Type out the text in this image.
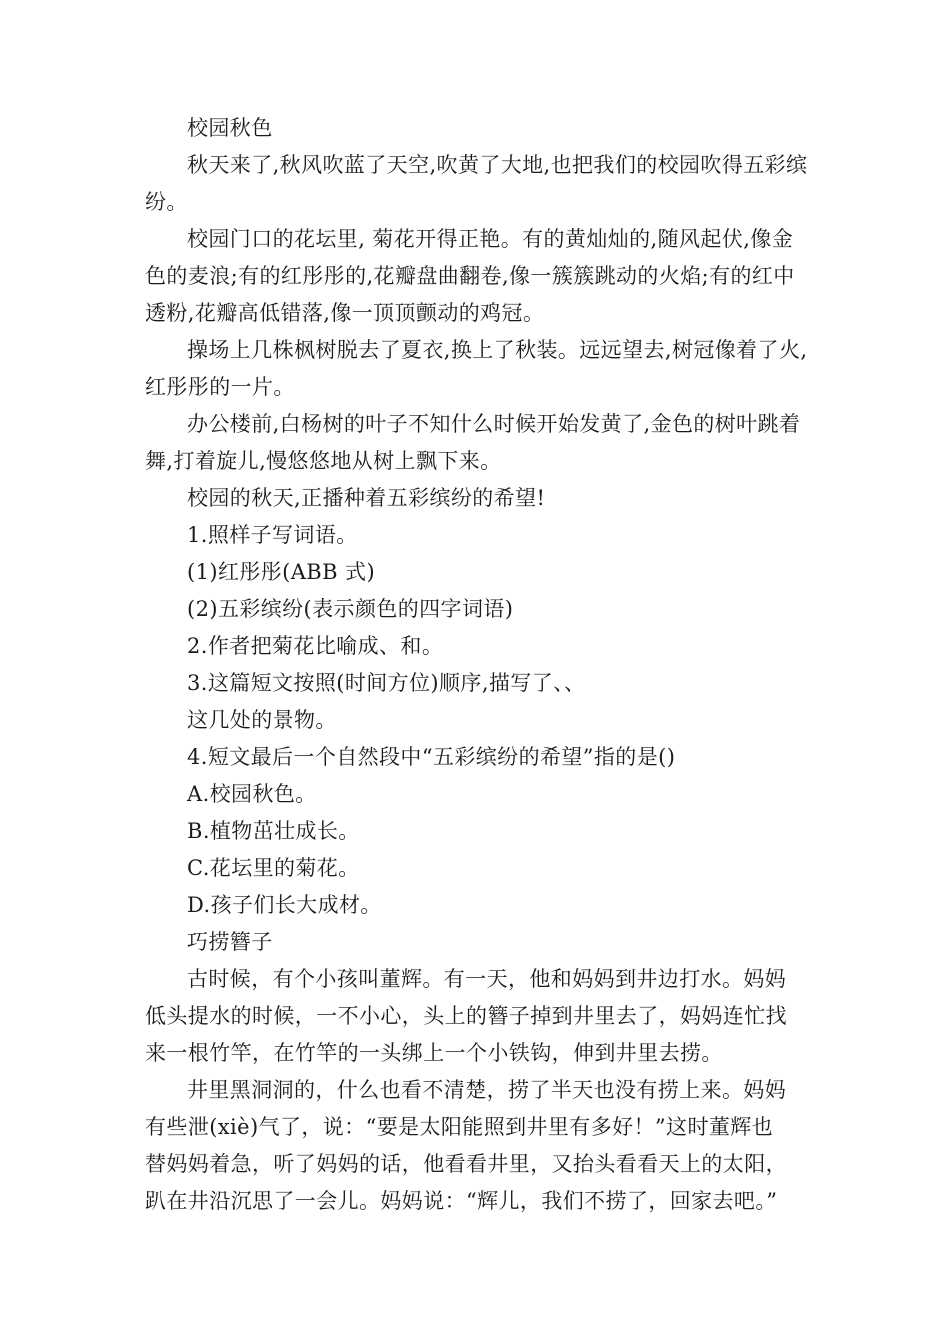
校园秋色
秋天来了,秋风吹蓝了天空,吹黄了大地,也把我们的校园吹得五彩缤
纷。
校园门口的花坛里, 菊花开得正艳。有的黄灿灿的,随风起伏,像金
色的麦浪;有的红彤彤的,花瓣盘曲翻卷,像一簇簇跳动的火焰;有的红中
透粉,花瓣高低错落,像一顶顶颤动的鸡冠。
操场上几株枫树脱去了夏衣,换上了秋装。远远望去,树冠像着了火,
红彤彤的一片。
办公楼前,白杨树的叶子不知什么时候开始发黄了,金色的树叶跳着
舞,打着旋儿,慢悠悠地从树上飘下来。
校园的秋天,正播种着五彩缤纷的希望!
1.照样子写词语。
(1)红彤彤(ABB 式)
(2)五彩缤纷(表示颜色的四字词语)
2.作者把菊花比喻成、和。
3.这篇短文按照(时间方位)顺序,描写了、、
这几处的景物。
4.短文最后一个自然段中“五彩缤纷的希望”指的是()
A.校园秋色。
B.植物茁壮成长。
C.花坛里的菊花。
D.孩子们长大成材。
巧捞簪子
古时候，有个小孩叫董辉。有一天，他和妈妈到井边打水。妈妈
低头提水的时候，一不小心，头上的簪子掉到井里去了，妈妈连忙找
来一根竹竿，在竹竿的一头绑上一个小铁钩，伸到井里去捞。
井里黑洞洞的，什么也看不清楚，捞了半天也没有捞上来。妈妈
有些泄(xiè)气了，说：“要是太阳能照到井里有多好！”这时董辉也
替妈妈着急，听了妈妈的话，他看看井里，又抬头看看天上的太阳，
趴在井沿沉思了一会儿。妈妈说：“辉儿，我们不捞了，回家去吧。”
